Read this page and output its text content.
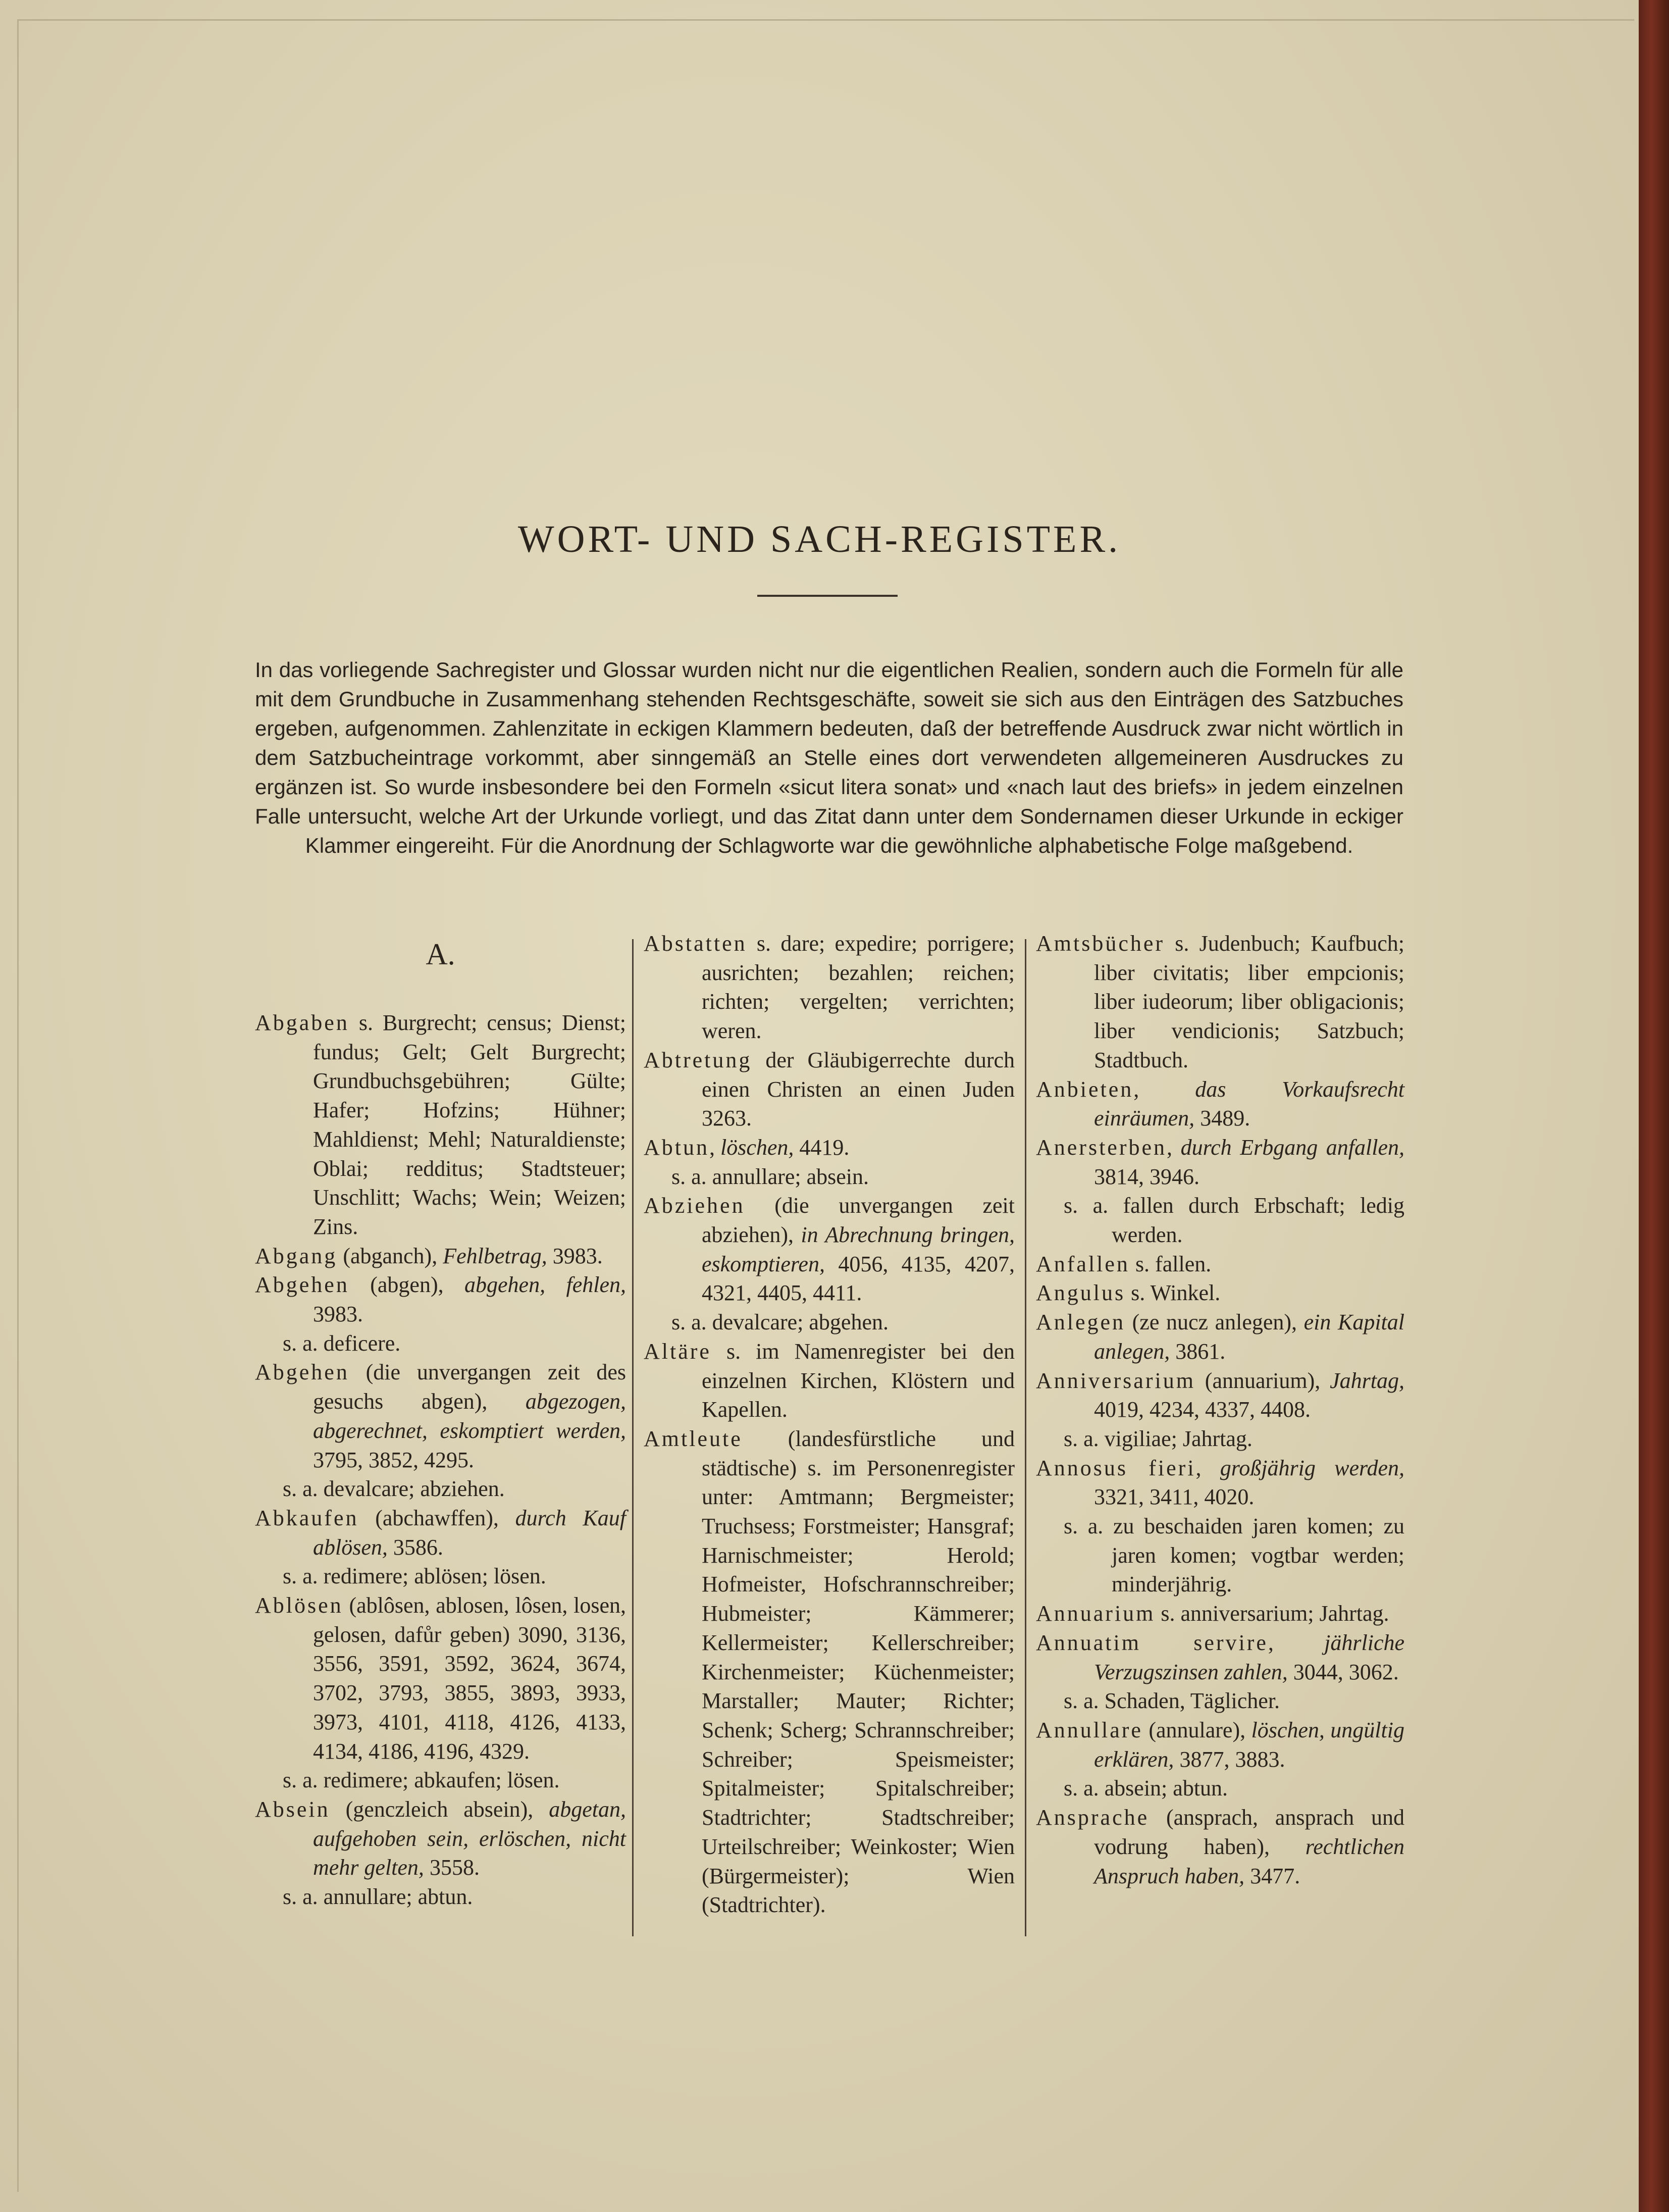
WORT- UND SACH-REGISTER.

In das vorliegende Sachregister und Glossar wurden nicht nur die eigentlichen Realien, sondern auch die Formeln für alle mit dem Grundbuche in Zusammenhang stehenden Rechtsgeschäfte, soweit sie sich aus den Einträgen des Satzbuches ergeben, aufgenommen. Zahlenzitate in eckigen Klammern bedeuten, daß der betreffende Ausdruck zwar nicht wörtlich in dem Satzbucheintrage vorkommt, aber sinngemäß an Stelle eines dort verwendeten allgemeineren Ausdruckes zu ergänzen ist. So wurde insbesondere bei den Formeln «sicut litera sonat» und «nach laut des briefs» in jedem einzelnen Falle untersucht, welche Art der Urkunde vorliegt, und das Zitat dann unter dem Sondernamen dieser Urkunde in eckiger Klammer eingereiht. Für die Anordnung der Schlagworte war die gewöhnliche alphabetische Folge maßgebend.

A.

Abgaben s. Burgrecht; census; Dienst; fundus; Gelt; Gelt Burgrecht; Grundbuchsgebühren; Gülte; Hafer; Hofzins; Hühner; Mahldienst; Mehl; Naturaldienste; Oblai; redditus; Stadtsteuer; Unschlitt; Wachs; Wein; Weizen; Zins.

Abgang (abganch), Fehlbetrag, 3983.

Abgehen (abgen), abgehen, fehlen, 3983.

s. a. deficere.

Abgehen (die unvergangen zeit des gesuchs abgen), abgezogen, abgerechnet, eskomptiert werden, 3795, 3852, 4295.

s. a. devalcare; abziehen.

Abkaufen (abchawffen), durch Kauf ablösen, 3586.

s. a. redimere; ablösen; lösen.

Ablösen (ablôsen, ablosen, lôsen, losen, gelosen, dafůr geben) 3090, 3136, 3556, 3591, 3592, 3624, 3674, 3702, 3793, 3855, 3893, 3933, 3973, 4101, 4118, 4126, 4133, 4134, 4186, 4196, 4329.

s. a. redimere; abkaufen; lösen.

Absein (genczleich absein), abgetan, aufgehoben sein, erlöschen, nicht mehr gelten, 3558.

s. a. annullare; abtun.

Abstatten s. dare; expedire; porrigere; ausrichten; bezahlen; reichen; richten; vergelten; verrichten; weren.

Abtretung der Gläubigerrechte durch einen Christen an einen Juden 3263.

Abtun, löschen, 4419.

s. a. annullare; absein.

Abziehen (die unvergangen zeit abziehen), in Abrechnung bringen, eskomptieren, 4056, 4135, 4207, 4321, 4405, 4411.

s. a. devalcare; abgehen.

Altäre s. im Namenregister bei den einzelnen Kirchen, Klöstern und Kapellen.

Amtleute (landesfürstliche und städtische) s. im Personenregister unter: Amtmann; Bergmeister; Truchsess; Forstmeister; Hansgraf; Harnischmeister; Herold; Hofmeister, Hofschrannschreiber; Hubmeister; Kämmerer; Kellermeister; Kellerschreiber; Kirchenmeister; Küchenmeister; Marstaller; Mauter; Richter; Schenk; Scherg; Schrannschreiber; Schreiber; Speismeister; Spitalmeister; Spitalschreiber; Stadtrichter; Stadtschreiber; Urteilschreiber; Weinkoster; Wien (Bürgermeister); Wien (Stadtrichter).

Amtsbücher s. Judenbuch; Kaufbuch; liber civitatis; liber empcionis; liber iudeorum; liber obligacionis; liber vendicionis; Satzbuch; Stadtbuch.

Anbieten, das Vorkaufsrecht einräumen, 3489.

Anersterben, durch Erbgang anfallen, 3814, 3946.

s. a. fallen durch Erbschaft; ledig werden.

Anfallen s. fallen.

Angulus s. Winkel.

Anlegen (ze nucz anlegen), ein Kapital anlegen, 3861.

Anniversarium (annuarium), Jahrtag, 4019, 4234, 4337, 4408.

s. a. vigiliae; Jahrtag.

Annosus fieri, großjährig werden, 3321, 3411, 4020.

s. a. zu beschaiden jaren komen; zu jaren komen; vogtbar werden; minderjährig.

Annuarium s. anniversarium; Jahrtag.

Annuatim servire, jährliche Verzugszinsen zahlen, 3044, 3062.

s. a. Schaden, Täglicher.

Annullare (annulare), löschen, ungültig erklären, 3877, 3883.

s. a. absein; abtun.

Ansprache (ansprach, ansprach und vodrung haben), rechtlichen Anspruch haben, 3477.
